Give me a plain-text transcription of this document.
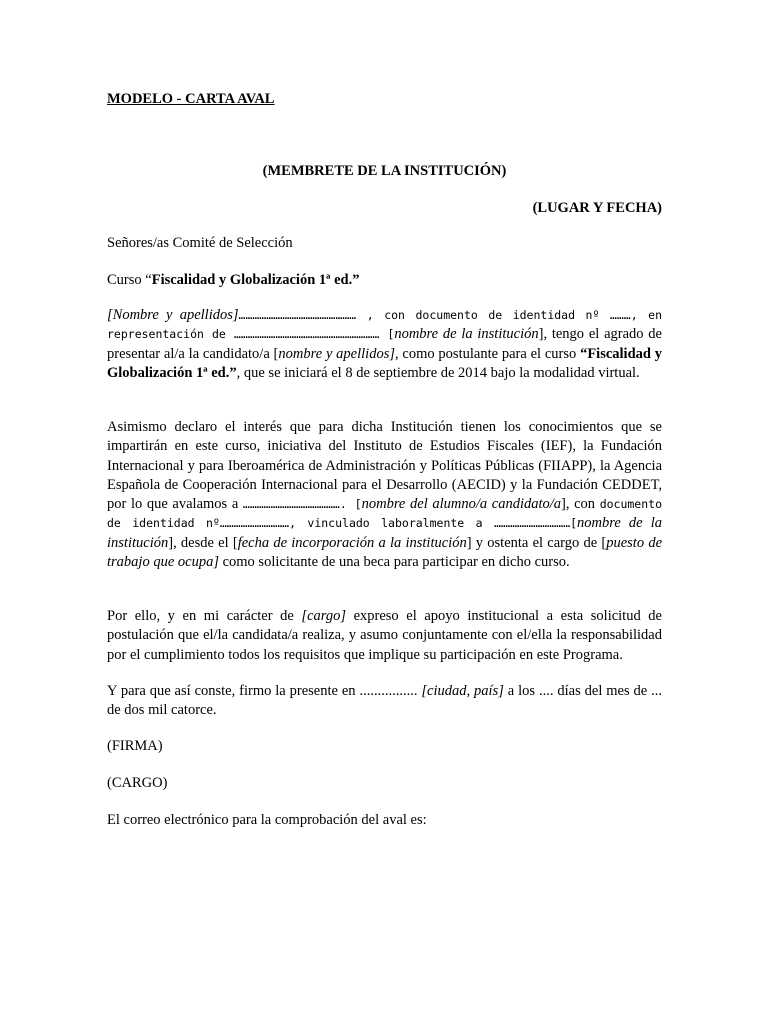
MODELO - CARTA AVAL
(MEMBRETE DE LA INSTITUCIÓN)
(LUGAR Y FECHA)
Señores/as Comité de Selección
Curso “Fiscalidad y Globalización 1ª ed.”
[Nombre y apellidos]…………………………………………… , con documento de identidad nº ………, en representación de ……………………………………………………… [nombre de la institución], tengo el agrado de presentar al/a la candidato/a [nombre y apellidos], como postulante para el curso “Fiscalidad y Globalización 1ª ed.”, que se iniciará el 8 de septiembre de 2014 bajo la modalidad virtual.
Asimismo declaro el interés que para dicha Institución tienen los conocimientos que se impartirán en este curso, iniciativa del Instituto de Estudios Fiscales (IEF), la Fundación Internacional y para Iberoamérica de Administración y Políticas Públicas (FIIAPP), la Agencia Española de Cooperación Internacional para el Desarrollo (AECID) y la Fundación CEDDET, por lo que avalamos a ……………………………………. [nombre del alumno/a candidato/a], con documento de identidad nº…………………………, vinculado laboralmente a ……………………………[nombre de la institución], desde el [fecha de incorporación a la institución] y ostenta el cargo de [puesto de trabajo que ocupa] como solicitante de una beca para participar en dicho curso.
Por ello, y en mi carácter de [cargo] expreso el apoyo institucional a esta solicitud de postulación que el/la candidata/a realiza, y asumo conjuntamente con el/ella la responsabilidad por el cumplimiento todos los requisitos que implique su participación en este Programa.
Y para que así conste, firmo la presente en ................ [ciudad, país] a los .... días del mes de ... de dos mil catorce.
(FIRMA)
(CARGO)
El correo electrónico para la comprobación del aval es:
